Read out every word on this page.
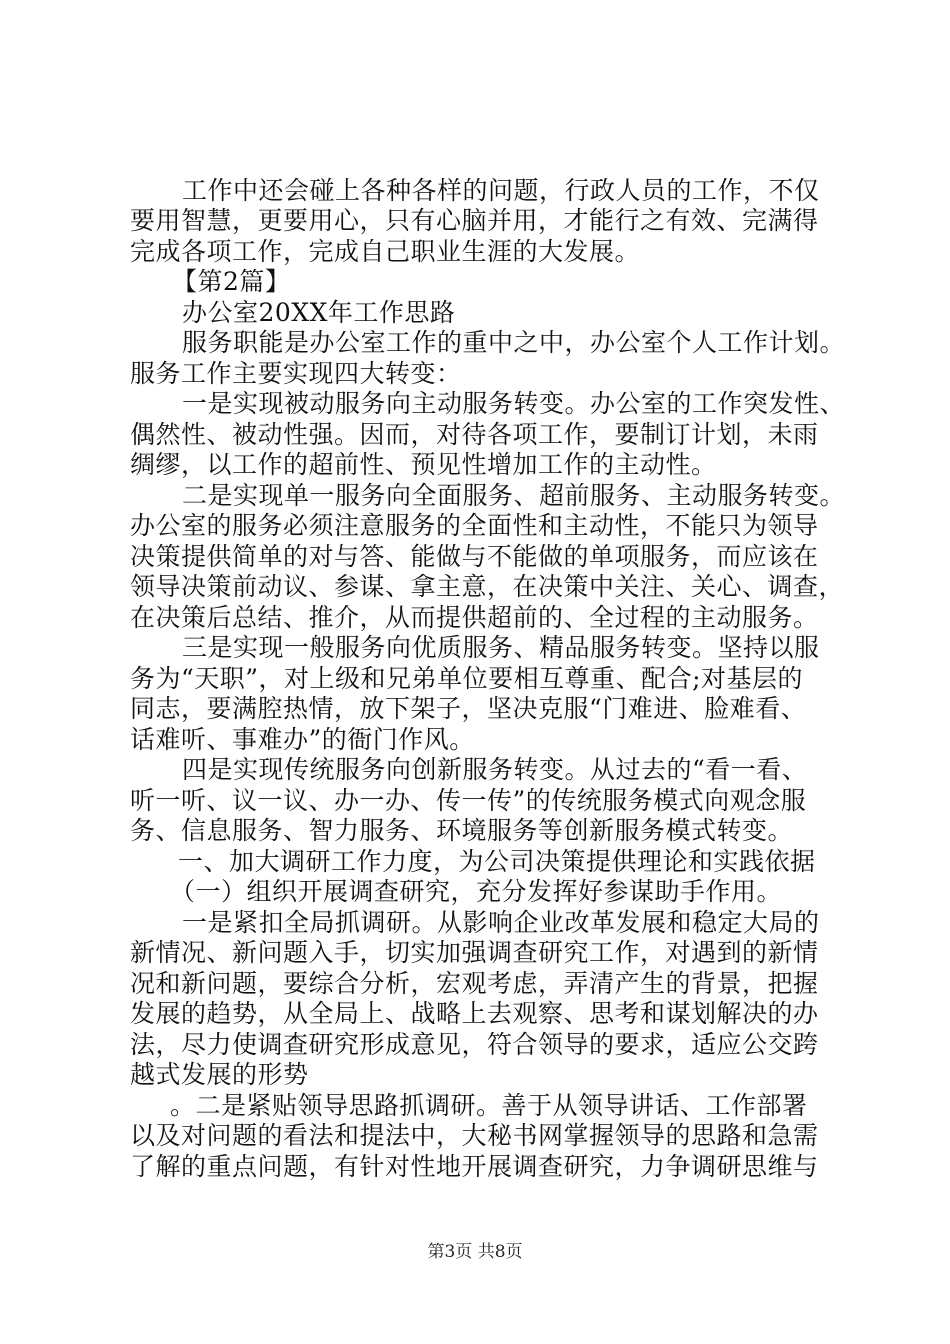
工作中还会碰上各种各样的问题，行政人员的工作，不仅
要用智慧，更要用心，只有心脑并用，才能行之有效、完满得
完成各项工作，完成自己职业生涯的大发展。
【第2篇】
办公室20XX年工作思路
服务职能是办公室工作的重中之中，办公室个人工作计划。
服务工作主要实现四大转变：
一是实现被动服务向主动服务转变。办公室的工作突发性、
偶然性、被动性强。因而，对待各项工作，要制订计划，未雨
绸缪，以工作的超前性、预见性增加工作的主动性。
二是实现单一服务向全面服务、超前服务、主动服务转变。
办公室的服务必须注意服务的全面性和主动性，不能只为领导
决策提供简单的对与答、能做与不能做的单项服务，而应该在
领导决策前动议、参谋、拿主意，在决策中关注、关心、调查，
在决策后总结、推介，从而提供超前的、全过程的主动服务。
三是实现一般服务向优质服务、精品服务转变。坚持以服
务为“天职”，对上级和兄弟单位要相互尊重、配合;对基层的
同志，要满腔热情，放下架子，坚决克服“门难进、脸难看、
话难听、事难办”的衙门作风。
四是实现传统服务向创新服务转变。从过去的“看一看、
听一听、议一议、办一办、传一传”的传统服务模式向观念服
务、信息服务、智力服务、环境服务等创新服务模式转变。
一、加大调研工作力度，为公司决策提供理论和实践依据
（一）组织开展调查研究，充分发挥好参谋助手作用。
一是紧扣全局抓调研。从影响企业改革发展和稳定大局的
新情况、新问题入手，切实加强调查研究工作，对遇到的新情
况和新问题，要综合分析，宏观考虑，弄清产生的背景，把握
发展的趋势，从全局上、战略上去观察、思考和谋划解决的办
法，尽力使调查研究形成意见，符合领导的要求，适应公交跨
越式发展的形势
。二是紧贴领导思路抓调研。善于从领导讲话、工作部署
以及对问题的看法和提法中，大秘书网掌握领导的思路和急需
了解的重点问题，有针对性地开展调查研究，力争调研思维与
第3页 共8页
